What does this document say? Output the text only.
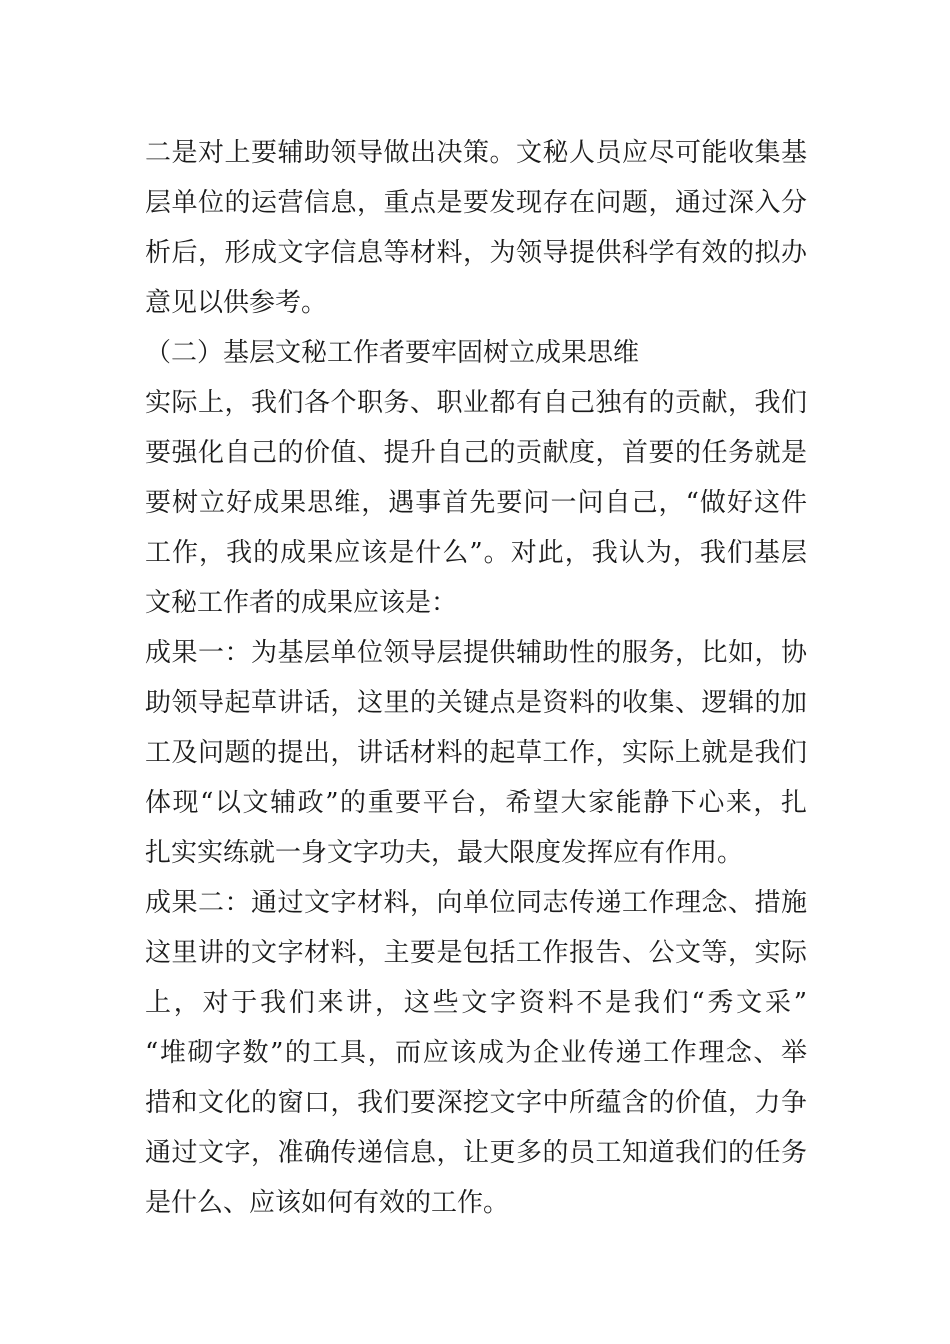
二是对上要辅助领导做出决策。文秘人员应尽可能收集基
层单位的运营信息，重点是要发现存在问题，通过深入分
析后，形成文字信息等材料，为领导提供科学有效的拟办
意见以供参考。
（二）基层文秘工作者要牢固树立成果思维
实际上，我们各个职务、职业都有自己独有的贡献，我们
要强化自己的价值、提升自己的贡献度，首要的任务就是
要树立好成果思维，遇事首先要问一问自己，“做好这件
工作，我的成果应该是什么”。对此，我认为，我们基层
文秘工作者的成果应该是：
成果一：为基层单位领导层提供辅助性的服务，比如，协
助领导起草讲话，这里的关键点是资料的收集、逻辑的加
工及问题的提出，讲话材料的起草工作，实际上就是我们
体现“以文辅政”的重要平台，希望大家能静下心来，扎
扎实实练就一身文字功夫，最大限度发挥应有作用。
成果二：通过文字材料，向单位同志传递工作理念、措施
这里讲的文字材料，主要是包括工作报告、公文等，实际
上，对于我们来讲，这些文字资料不是我们“秀文采”
“堆砌字数”的工具，而应该成为企业传递工作理念、举
措和文化的窗口，我们要深挖文字中所蕴含的价值，力争
通过文字，准确传递信息，让更多的员工知道我们的任务
是什么、应该如何有效的工作。
